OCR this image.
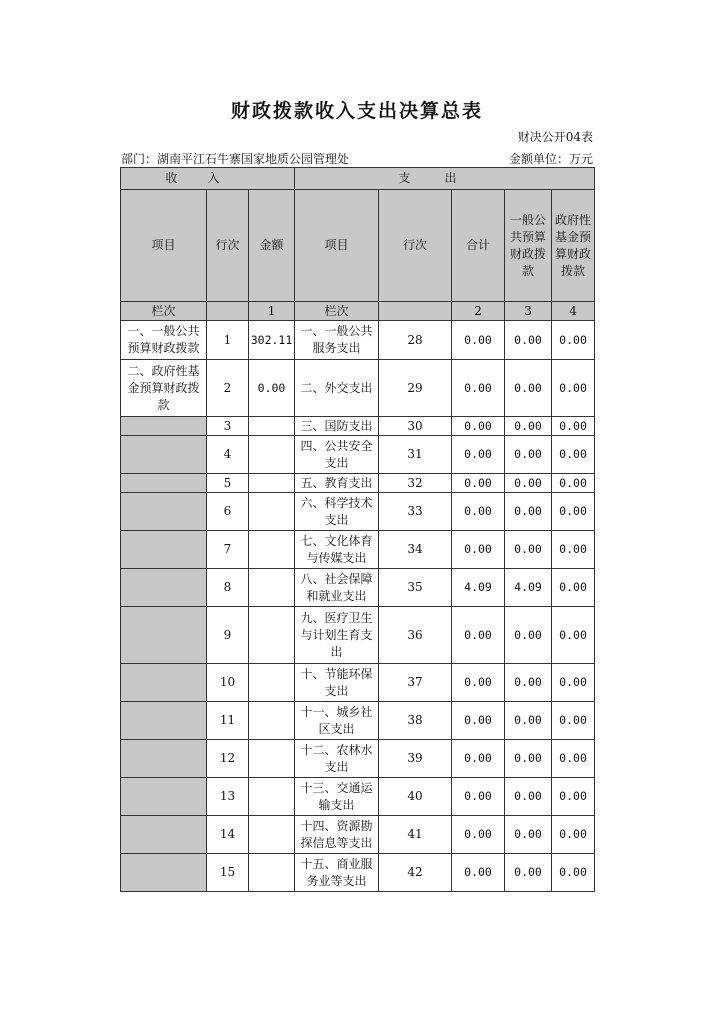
财政拨款收入支出决算总表
财决公开04表
部门：湖南平江石牛寨国家地质公园管理处	金额单位：万元
收入			支出				
项目	行次	金额	项目	行次	合计	一般公共预算财政拨款	政府性基金预算财政拨款
栏次		1	栏次		2	3	4
一、一般公共预算财政拨款	1	302.11	一、一般公共服务支出	28	0.00	0.00	0.00
二、政府性基金预算财政拨款	2	0.00	二、外交支出	29	0.00	0.00	0.00
	3		三、国防支出	30	0.00	0.00	0.00
	4		四、公共安全支出	31	0.00	0.00	0.00
	5		五、教育支出	32	0.00	0.00	0.00
	6		六、科学技术支出	33	0.00	0.00	0.00
	7		七、文化体育与传媒支出	34	0.00	0.00	0.00
	8		八、社会保障和就业支出	35	4.09	4.09	0.00
	9		九、医疗卫生与计划生育支出	36	0.00	0.00	0.00
	10		十、节能环保支出	37	0.00	0.00	0.00
	11		十一、城乡社区支出	38	0.00	0.00	0.00
	12		十二、农林水支出	39	0.00	0.00	0.00
	13		十三、交通运输支出	40	0.00	0.00	0.00
	14		十四、资源勘探信息等支出	41	0.00	0.00	0.00
	15		十五、商业服务业等支出	42	0.00	0.00	0.00
